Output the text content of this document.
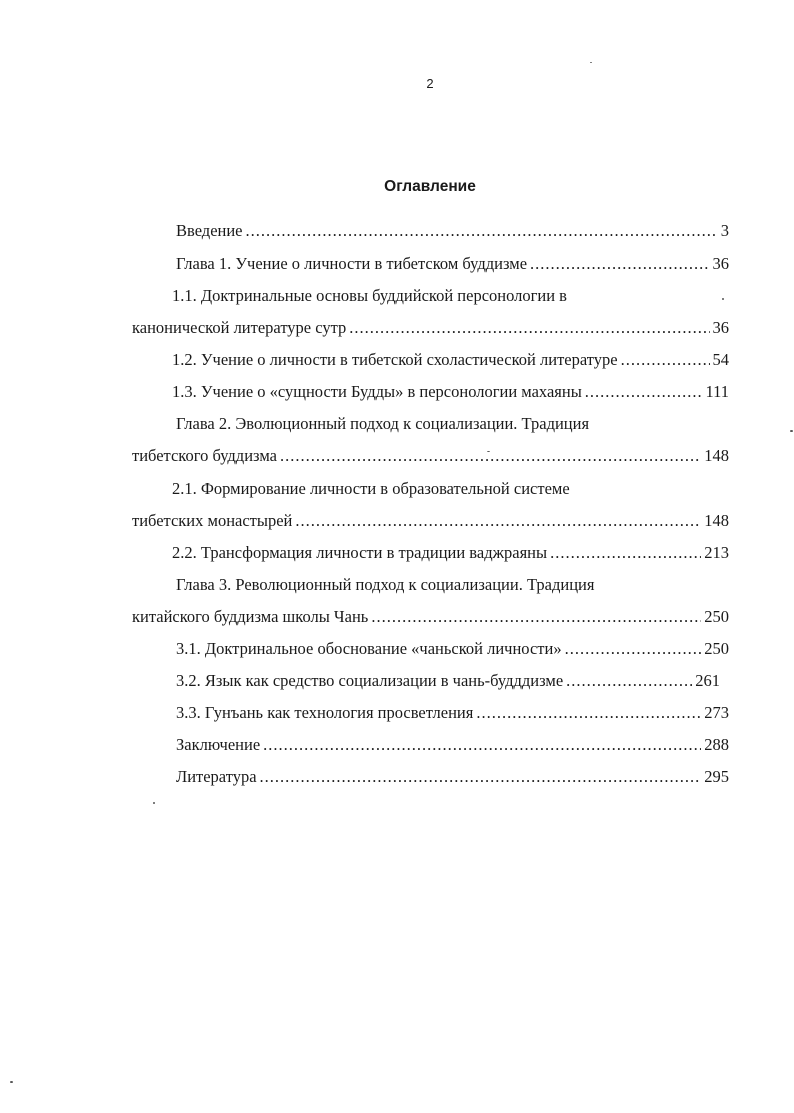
2
Оглавление
Введение .....	3
Глава 1. Учение о личности в тибетском буддизме .....	36
1.1. Доктринальные основы буддийской персонологии в
канонической литературе сутр .....	36
1.2. Учение о личности в тибетской схоластической литературе .....	54
1.3. Учение о «сущности Будды» в персонологии махаяны .....	111
Глава 2. Эволюционный подход к социализации. Традиция
тибетского буддизма .....	148
2.1. Формирование личности в образовательной системе
тибетских монастырей .....	148
2.2. Трансформация личности в традиции ваджраяны .....	213
Глава 3. Революционный подход к социализации. Традиция
китайского буддизма школы Чань .....	250
3.1. Доктринальное обоснование «чаньской личности» .....	250
3.2. Язык как средство социализации в чань-будддизме .....	261
3.3. Гунъань как технология просветления .....	273
Заключение .....	288
Литература .....	295
